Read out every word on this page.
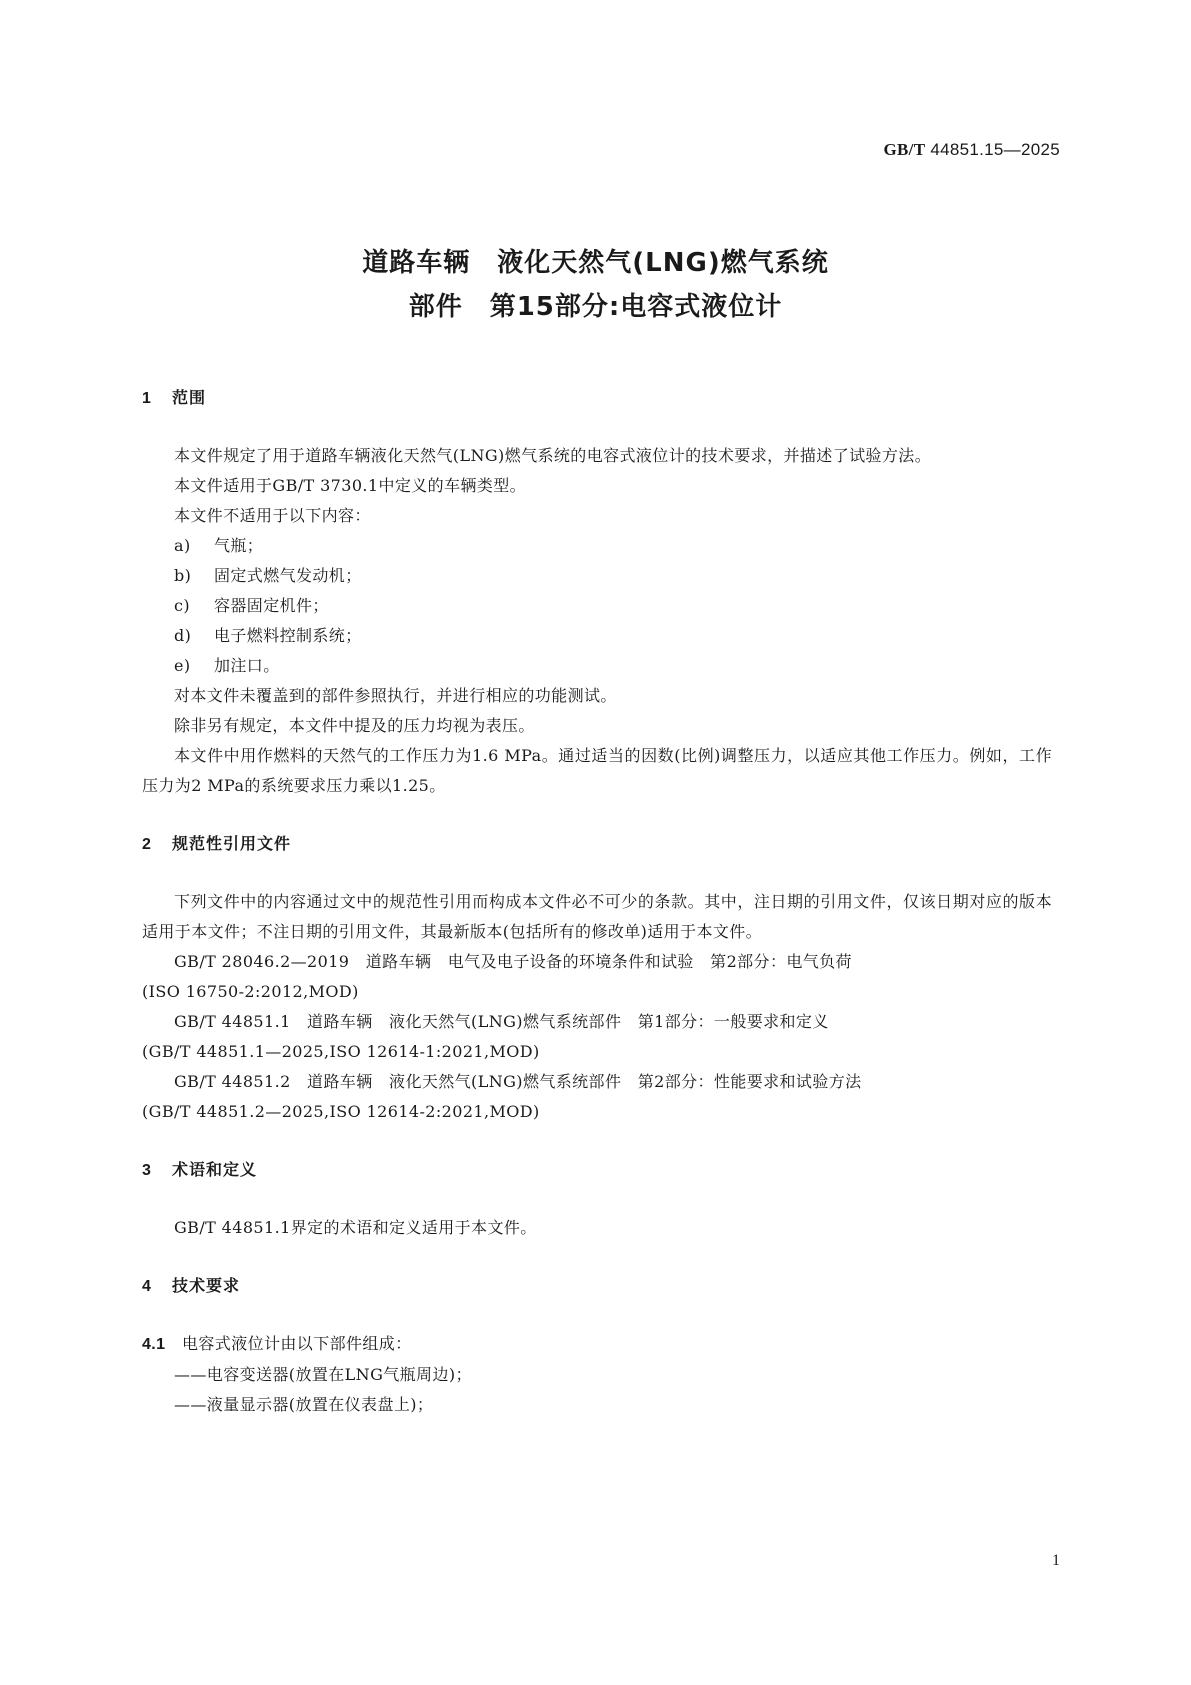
GB/T 44851.15—2025
道路车辆　液化天然气(LNG)燃气系统
部件　第15部分:电容式液位计
1 范围
本文件规定了用于道路车辆液化天然气(LNG)燃气系统的电容式液位计的技术要求，并描述了试验方法。
本文件适用于GB/T 3730.1中定义的车辆类型。
本文件不适用于以下内容：
a) 气瓶；
b) 固定式燃气发动机；
c) 容器固定机件；
d) 电子燃料控制系统；
e) 加注口。
对本文件未覆盖到的部件参照执行，并进行相应的功能测试。
除非另有规定，本文件中提及的压力均视为表压。
本文件中用作燃料的天然气的工作压力为1.6 MPa。通过适当的因数(比例)调整压力，以适应其他工作压力。例如，工作压力为2 MPa的系统要求压力乘以1.25。
2 规范性引用文件
下列文件中的内容通过文中的规范性引用而构成本文件必不可少的条款。其中，注日期的引用文件，仅该日期对应的版本适用于本文件；不注日期的引用文件，其最新版本(包括所有的修改单)适用于本文件。
GB/T 28046.2—2019　道路车辆　电气及电子设备的环境条件和试验　第2部分：电气负荷
(ISO 16750-2:2012,MOD)
GB/T 44851.1　道路车辆　液化天然气(LNG)燃气系统部件　第1部分：一般要求和定义
(GB/T 44851.1—2025,ISO 12614-1:2021,MOD)
GB/T 44851.2　道路车辆　液化天然气(LNG)燃气系统部件　第2部分：性能要求和试验方法
(GB/T 44851.2—2025,ISO 12614-2:2021,MOD)
3 术语和定义
GB/T 44851.1界定的术语和定义适用于本文件。
4 技术要求
4.1 电容式液位计由以下部件组成：
——电容变送器(放置在LNG气瓶周边)；
——液量显示器(放置在仪表盘上)；
1
